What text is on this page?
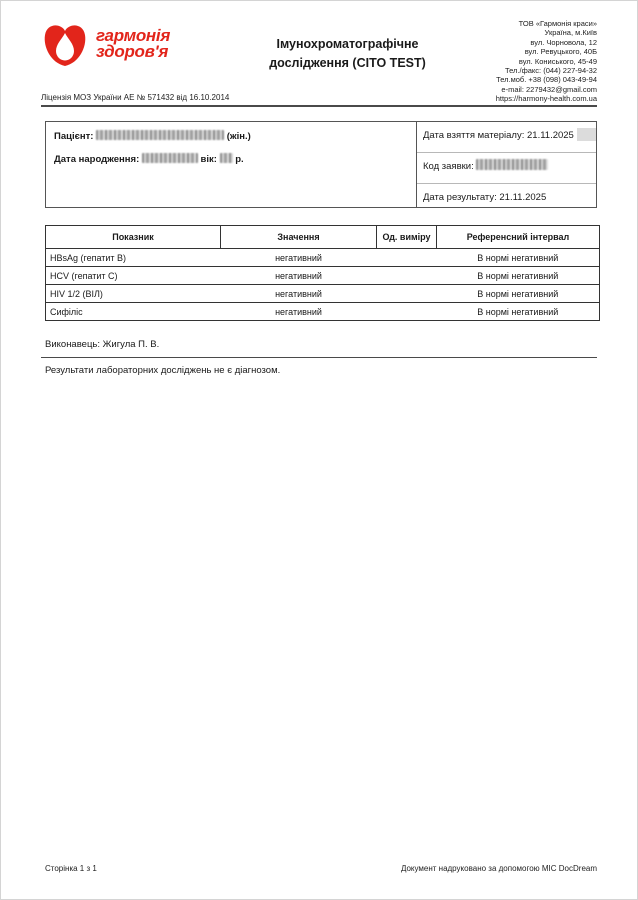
гармонія
здоров'я	Імунохроматографічне дослідження (CITO TEST)
ТОВ «Гармонія краси»
Україна, м.Київ
вул. Чорновола, 12
вул. Ревуцького, 40Б
вул. Кониського, 45-49
Тел./факс: (044) 227-94-32
Тел.моб. +38 (098) 043-49-94
e-mail: 2279432@gmail.com
https://harmony-health.com.ua
Ліцензія МОЗ України АЕ № 571432 від 16.10.2014
Пацієнт:	(жін.)
Дата народження:	вік: р.
Дата взяття матеріалу: 21.11.2025
Код заявки:
Дата результату: 21.11.2025
Показник	Значення	Од. виміру	Референсний інтервал
HBsAg (гепатит B)	негативний		В нормі негативний
HCV (гепатит C)	негативний		В нормі негативний
HIV 1/2 (ВІЛ)	негативний		В нормі негативний
Сифіліс	негативний		В нормі негативний
Виконавець: Жигула П. В.
Результати лабораторних досліджень не є діагнозом.
Сторінка 1 з 1	Документ надруковано за допомогою MIC DocDream
